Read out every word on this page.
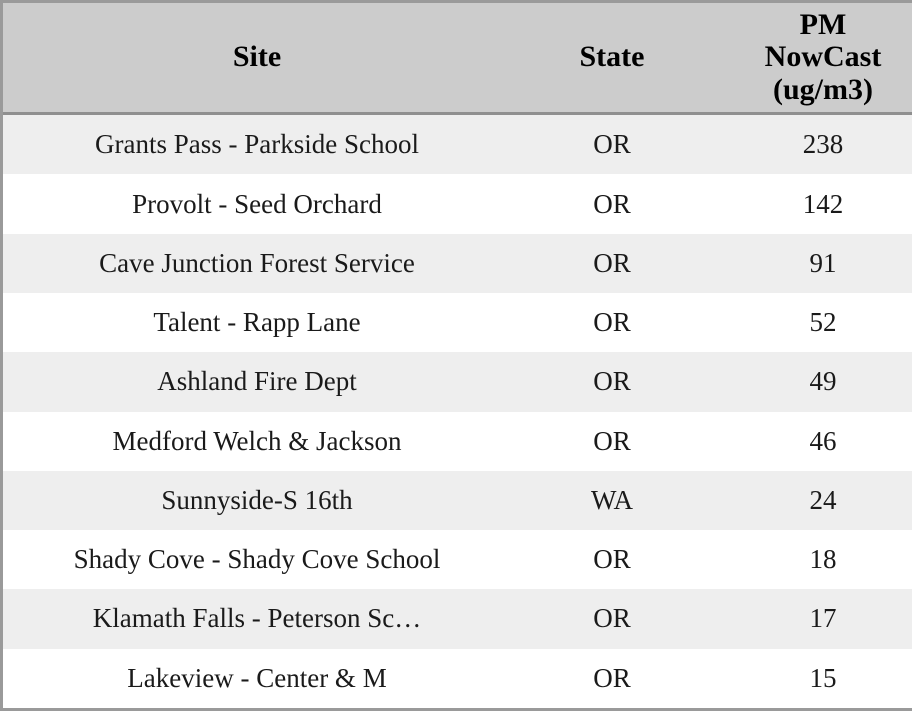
Site	State	PM
NowCast
(ug/m3)

Grants Pass - Parkside School	OR	238
Provolt - Seed Orchard	OR	142
Cave Junction Forest Service	OR	91
Talent - Rapp Lane	OR	52
Ashland Fire Dept	OR	49
Medford Welch & Jackson	OR	46
Sunnyside-S 16th	WA	24
Shady Cove - Shady Cove School	OR	18
Klamath Falls - Peterson Sc…	OR	17
Lakeview - Center & M	OR	15
